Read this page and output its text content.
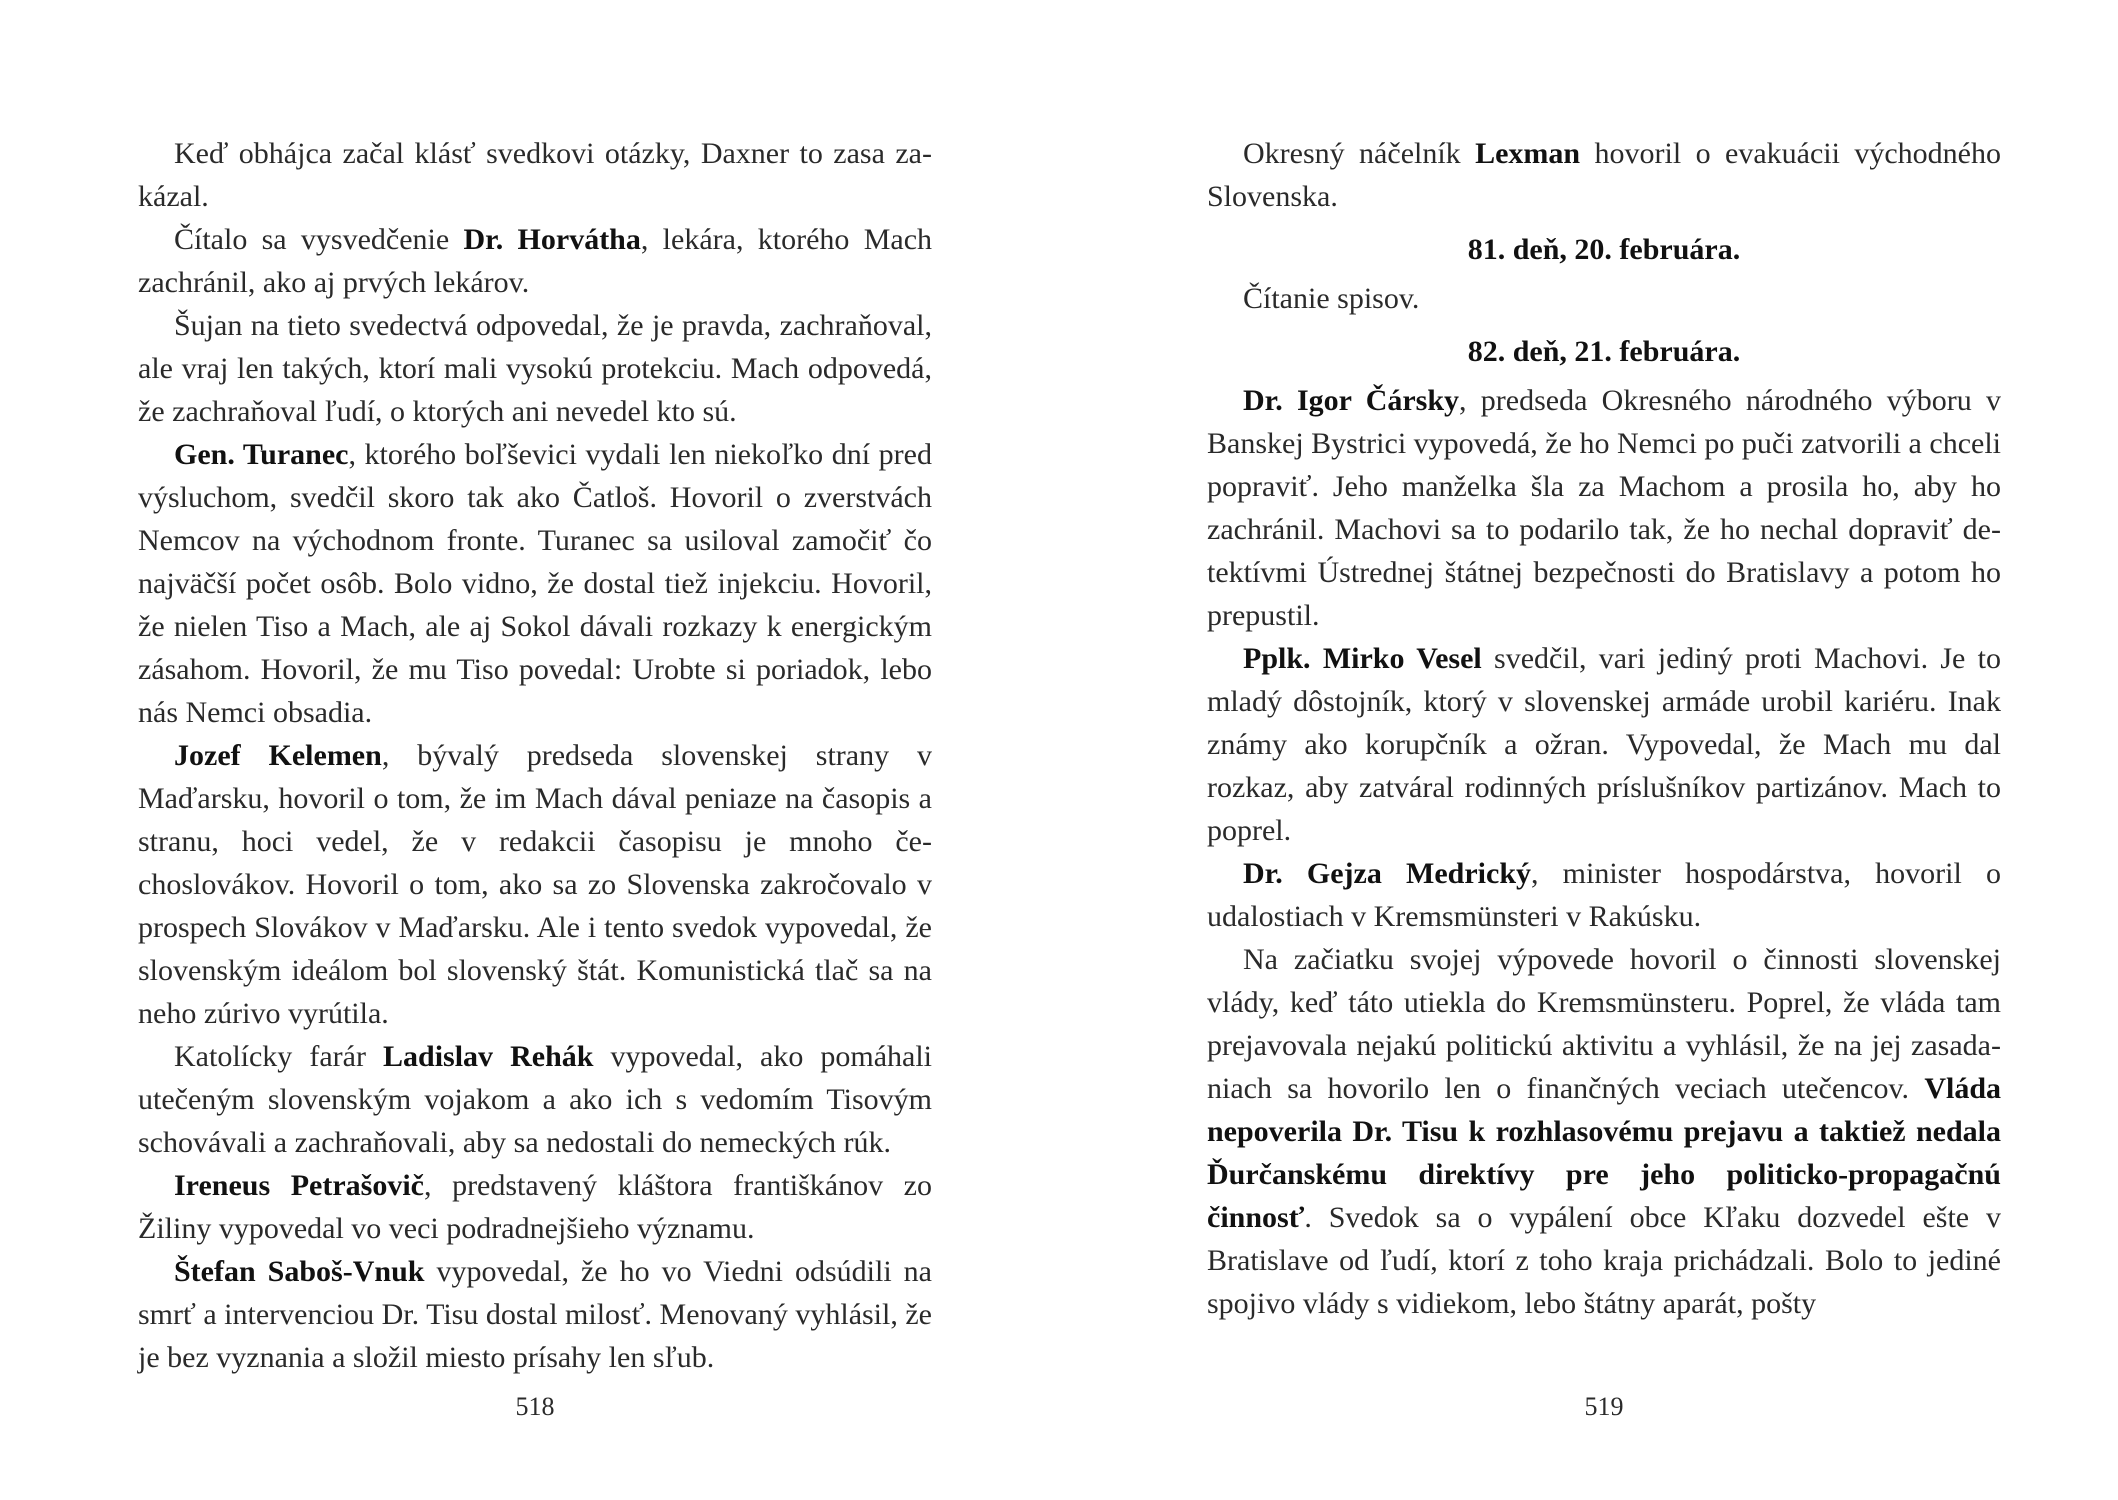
Keď obhájca začal klásť svedkovi otázky, Daxner to zasa zakázal.

Čítalo sa vysvedčenie Dr. Horvátha, lekára, ktorého Mach zachránil, ako aj prvých lekárov.

Šujan na tieto svedectvá odpovedal, že je pravda, zachraňoval, ale vraj len takých, ktorí mali vysokú protekciu. Mach odpovedá, že zachraňoval ľudí, o ktorých ani nevedel kto sú.

Gen. Turanec, ktorého boľševici vydali len niekoľko dní pred výsluchom, svedčil skoro tak ako Čatloš. Hovoril o zverstvách Nemcov na východnom fronte. Turanec sa usiloval zamočiť čo najväčší počet osôb. Bolo vidno, že dostal tiež injekciu. Hovoril, že nielen Tiso a Mach, ale aj Sokol dávali rozkazy k energickým zásahom. Hovoril, že mu Tiso povedal: Urobte si poriadok, lebo nás Nemci obsadia.

Jozef Kelemen, bývalý predseda slovenskej strany v Maďarsku, hovoril o tom, že im Mach dával peniaze na časopis a stranu, hoci vedel, že v redakcii časopisu je mnoho čechoslovákov. Hovoril o tom, ako sa zo Slovenska zakročovalo v prospech Slovákov v Maďarsku. Ale i tento svedok vypovedal, že slovenským ideálom bol slovenský štát. Komunistická tlač sa na neho zúrivo vyrútila.

Katolícky farár Ladislav Rehák vypovedal, ako pomáhali utečeným slovenským vojakom a ako ich s vedomím Tisovým schovávali a zachraňovali, aby sa nedostali do nemeckých rúk.

Ireneus Petrašovič, predstavený kláštora františkánov zo Žiliny vypovedal vo veci podradnejšieho významu.

Štefan Saboš-Vnuk vypovedal, že ho vo Viedni odsúdili na smrť a intervenciou Dr. Tisu dostal milosť. Menovaný vyhlásil, že je bez vyznania a složil miesto prísahy len sľub.

518

Okresný náčelník Lexman hovoril o evakuácii východného Slovenska.

81. deň, 20. februára.

Čítanie spisov.

82. deň, 21. februára.

Dr. Igor Čársky, predseda Okresného národného výboru v Banskej Bystrici vypovedá, že ho Nemci po puči zatvorili a chceli popraviť. Jeho manželka šla za Machom a prosila ho, aby ho zachránil. Machovi sa to podarilo tak, že ho nechal dopraviť detektívmi Ústrednej štátnej bezpečnosti do Bratislavy a potom ho prepustil.

Pplk. Mirko Vesel svedčil, vari jediný proti Machovi. Je to mladý dôstojník, ktorý v slovenskej armáde urobil kariéru. Inak známy ako korupčník a ožran. Vypovedal, že Mach mu dal rozkaz, aby zatváral rodinných príslušníkov partizánov. Mach to poprel.

Dr. Gejza Medrický, minister hospodárstva, hovoril o udalostiach v Kremsmünsteri v Rakúsku.

Na začiatku svojej výpovede hovoril o činnosti slovenskej vlády, keď táto utiekla do Kremsmünsteru. Poprel, že vláda tam prejavovala nejakú politickú aktivitu a vyhlásil, že na jej zasadaniach sa hovorilo len o finančných veciach utečencov. Vláda nepoverila Dr. Tisu k rozhlasovému prejavu a taktiež nedala Ďurčanskému direktívy pre jeho politicko-propagačnú činnosť. Svedok sa o vypálení obce Kľaku dozvedel ešte v Bratislave od ľudí, ktorí z toho kraja prichádzali. Bolo to jediné spojivo vlády s vidiekom, lebo štátny aparát, pošty

519
